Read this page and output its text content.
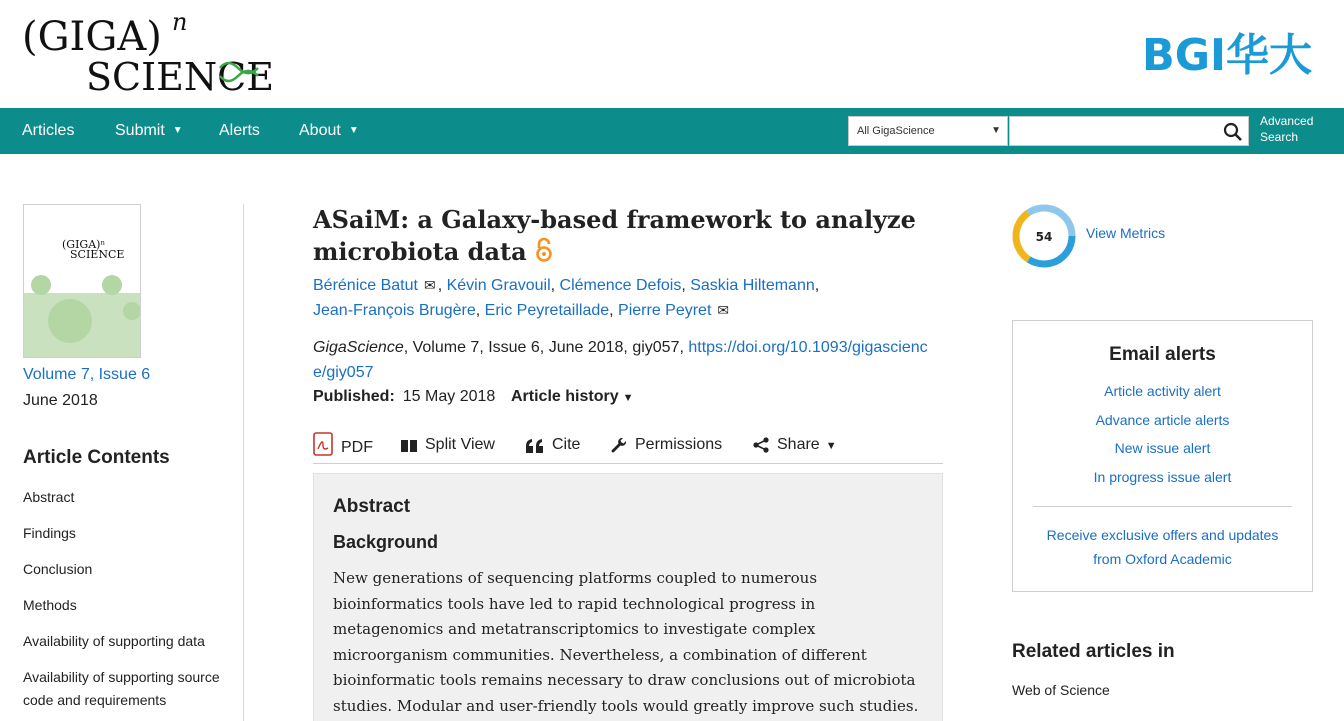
(GIGA) n
SCIENCE	BGI华大
Articles	Submit ▼ Alerts About ▼	All GigaScience	▼
Advanced Search
(GIGA)ⁿ
SCIENCE
Volume 7, Issue 6
June 2018
Article Contents
Abstract
Findings
Conclusion
Methods
Availability of supporting data
Availability of supporting source code and requirements
ASaiM: a Galaxy-based framework to analyze microbiota data
Bérénice Batut ✉ , Kévin Gravouil, Clémence Defois, Saskia Hiltemann,
Jean-François Brugère, Eric Peyretaillade, Pierre Peyret ✉
GigaScience, Volume 7, Issue 6, June 2018, giy057, https://doi.org/10.1093/gigascience/giy057
Published: 15 May 2018 Article history ▼
PDF	Split View	Cite	Permissions	Share ▼
Abstract
Background

New generations of sequencing platforms coupled to numerous bioinformatics tools have led to rapid technological progress in metagenomics and metatranscriptomics to investigate complex microorganism communities. Nevertheless, a combination of different bioinformatic tools remains necessary to draw conclusions out of microbiota studies. Modular and user-friendly tools would greatly improve such studies.

54 View Metrics
Email alerts
Article activity alert
Advance article alerts
New issue alert
In progress issue alert
Receive exclusive offers and updates from Oxford Academic
Related articles in
Web of Science
